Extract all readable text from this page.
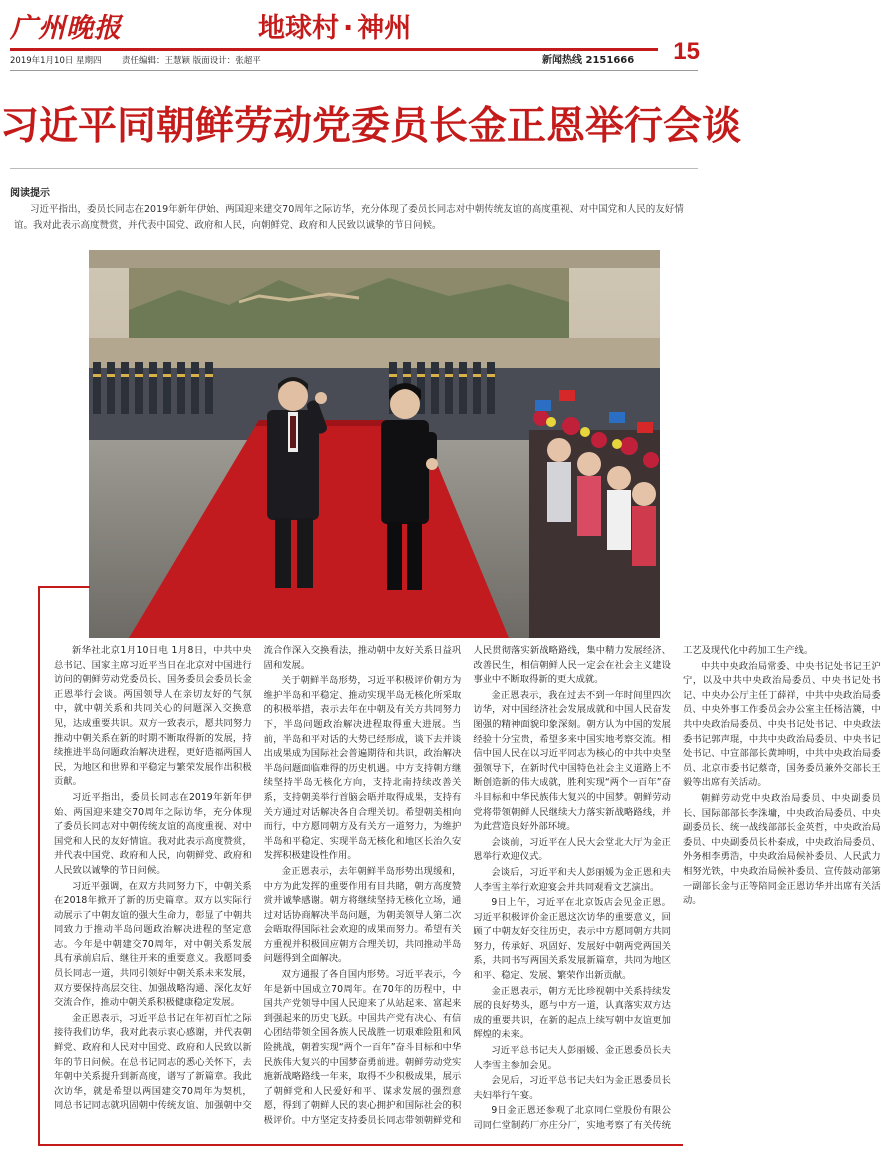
广州晚报	地球村 · 神州
15
2019年1月10日 星期四 责任编辑：王慧颖 版面设计：张超平	新闻热线 2151666
习近平同朝鲜劳动党委员长金正恩举行会谈
阅读提示
习近平指出，委员长同志在2019年新年伊始、两国迎来建交70周年之际访华，充分体现了委员长同志对中朝传统友谊的高度重视、对中国党和人民的友好情谊。我对此表示高度赞赏，并代表中国党、政府和人民，向朝鲜党、政府和人民致以诚挚的节日问候。

新华社北京1月10日电 1月8日，中共中央总书记、国家主席习近平当日在北京对中国进行访问的朝鲜劳动党委员长、国务委员会委员长金正恩举行会谈。两国领导人在亲切友好的气氛中，就中朝关系和共同关心的问题深入交换意见，达成重要共识。双方一致表示，愿共同努力推动中朝关系在新的时期不断取得新的发展，持续推进半岛问题政治解决进程，更好造福两国人民，为地区和世界和平稳定与繁荣发展作出积极贡献。

习近平指出，委员长同志在2019年新年伊始、两国迎来建交70周年之际访华，充分体现了委员长同志对中朝传统友谊的高度重视、对中国党和人民的友好情谊。我对此表示高度赞赏，并代表中国党、政府和人民，向朝鲜党、政府和人民致以诚挚的节日问候。

习近平强调，在双方共同努力下，中朝关系在2018年掀开了新的历史篇章。双方以实际行动展示了中朝友谊的强大生命力，彰显了中朝共同致力于推动半岛问题政治解决进程的坚定意志。今年是中朝建交70周年，对中朝关系发展具有承前启后、继往开来的重要意义。我愿同委员长同志一道，共同引领好中朝关系未来发展，双方要保持高层交往、加强战略沟通、深化友好交流合作，推动中朝关系积极健康稳定发展。

金正恩表示，习近平总书记在年初百忙之际接待我们访华，我对此表示衷心感谢，并代表朝鲜党、政府和人民对中国党、政府和人民致以新年的节日问候。在总书记同志的悉心关怀下，去年朝中关系提升到新高度，谱写了新篇章。我此次访华，就是希望以两国建交70周年为契机，同总书记同志就巩固朝中传统友谊、加强朝中交流合作深入交换看法，推动朝中友好关系日益巩固和发展。

关于朝鲜半岛形势，习近平积极评价朝方为维护半岛和平稳定、推动实现半岛无核化所采取的积极举措，表示去年在中朝及有关方共同努力下，半岛问题政治解决进程取得重大进展。当前，半岛和平对话的大势已经形成，谈下去并谈出成果成为国际社会普遍期待和共识，政治解决半岛问题面临难得的历史机遇。中方支持朝方继续坚持半岛无核化方向，支持北南持续改善关系，支持朝美举行首脑会晤并取得成果，支持有关方通过对话解决各自合理关切。希望朝美相向而行，中方愿同朝方及有关方一道努力，为维护半岛和平稳定、实现半岛无核化和地区长治久安发挥积极建设性作用。

金正恩表示，去年朝鲜半岛形势出现缓和，中方为此发挥的重要作用有目共睹，朝方高度赞赏并诚挚感谢。朝方将继续坚持无核化立场，通过对话协商解决半岛问题，为朝美领导人第二次会晤取得国际社会欢迎的成果而努力。希望有关方重视并积极回应朝方合理关切，共同推动半岛问题得到全面解决。

双方通报了各自国内形势。习近平表示，今年是新中国成立70周年。在70年的历程中，中国共产党领导中国人民迎来了从站起来、富起来到强起来的历史飞跃。中国共产党有决心、有信心团结带领全国各族人民战胜一切艰难险阻和风险挑战，朝着实现“两个一百年”奋斗目标和中华民族伟大复兴的中国梦奋勇前进。朝鲜劳动党实施新战略路线一年来，取得不少积极成果，展示了朝鲜党和人民爱好和平、谋求发展的强烈意愿，得到了朝鲜人民的衷心拥护和国际社会的积极评价。中方坚定支持委员长同志带领朝鲜党和人民贯彻落实新战略路线，集中精力发展经济、改善民生，相信朝鲜人民一定会在社会主义建设事业中不断取得新的更大成就。

金正恩表示，我在过去不到一年时间里四次访华，对中国经济社会发展成就和中国人民奋发图强的精神面貌印象深刻。朝方认为中国的发展经验十分宝贵，希望多来中国实地考察交流。相信中国人民在以习近平同志为核心的中共中央坚强领导下，在新时代中国特色社会主义道路上不断创造新的伟大成就，胜利实现“两个一百年”奋斗目标和中华民族伟大复兴的中国梦。朝鲜劳动党将带领朝鲜人民继续大力落实新战略路线，并为此营造良好外部环境。

会谈前，习近平在人民大会堂北大厅为金正恩举行欢迎仪式。

会谈后，习近平和夫人彭丽媛为金正恩和夫人李雪主举行欢迎宴会并共同观看文艺演出。

9日上午，习近平在北京饭店会见金正恩。习近平积极评价金正恩这次访华的重要意义，回顾了中朝友好交往历史，表示中方愿同朝方共同努力，传承好、巩固好、发展好中朝两党两国关系，共同书写两国关系发展新篇章，共同为地区和平、稳定、发展、繁荣作出新贡献。

金正恩表示，朝方无比珍视朝中关系持续发展的良好势头，愿与中方一道，认真落实双方达成的重要共识，在新的起点上续写朝中友谊更加辉煌的未来。

习近平总书记夫人彭丽媛、金正恩委员长夫人李雪主参加会见。

会见后，习近平总书记夫妇为金正恩委员长夫妇举行午宴。

9日金正恩还参观了北京同仁堂股份有限公司同仁堂制药厂亦庄分厂，实地考察了有关传统工艺及现代化中药加工生产线。

中共中央政治局常委、中央书记处书记王沪宁，以及中共中央政治局委员、中央书记处书记、中央办公厅主任丁薛祥，中共中央政治局委员、中央外事工作委员会办公室主任杨洁篪，中共中央政治局委员、中央书记处书记、中央政法委书记郭声琨，中共中央政治局委员、中央书记处书记、中宣部部长黄坤明，中共中央政治局委员、北京市委书记蔡奇，国务委员兼外交部长王毅等出席有关活动。

朝鲜劳动党中央政治局委员、中央副委员长、国际部部长李洙墉，中央政治局委员、中央副委员长、统一战线部部长金英哲，中央政治局委员、中央副委员长朴泰成，中央政治局委员、外务相李勇浩，中央政治局候补委员、人民武力相努光铁，中央政治局候补委员、宣传鼓动部第一副部长金与正等陪同金正恩访华并出席有关活动。
